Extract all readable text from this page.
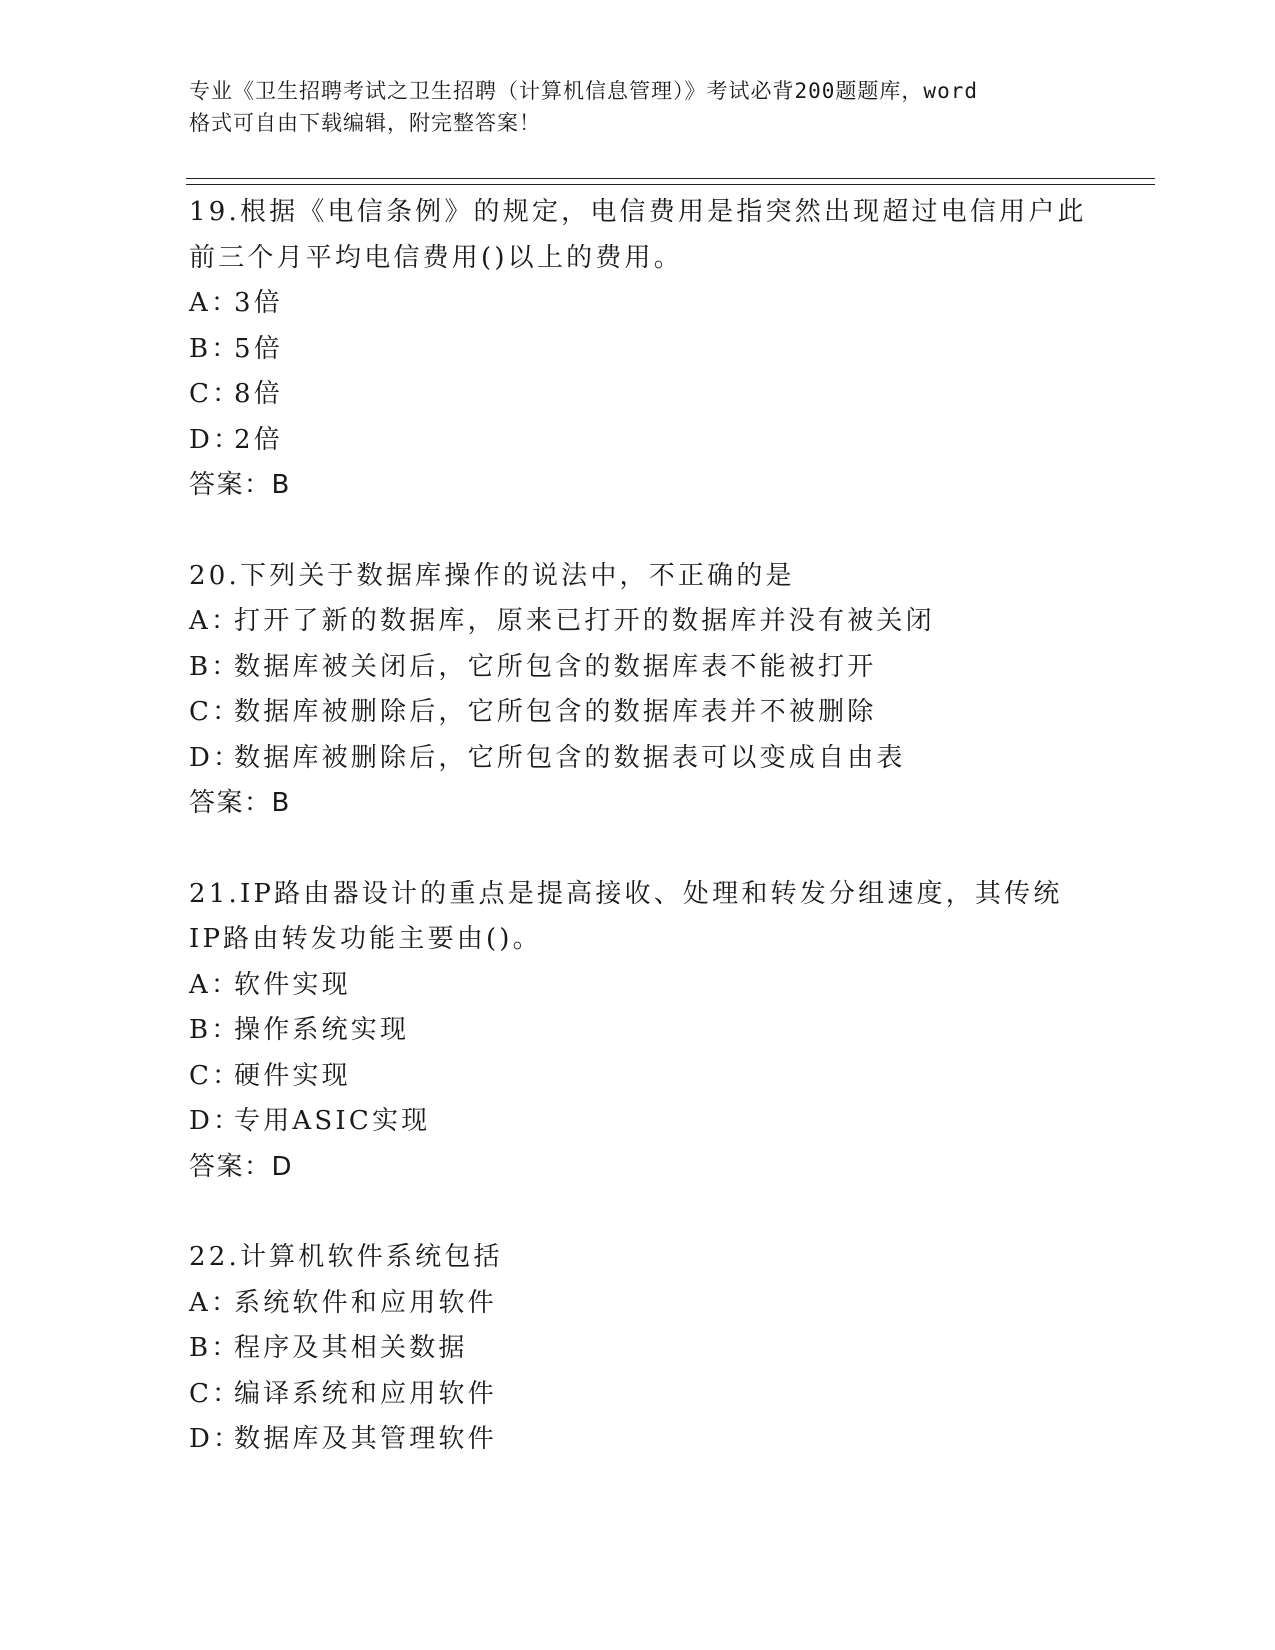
专业《卫生招聘考试之卫生招聘（计算机信息管理）》考试必背200题题库，word
格式可自由下载编辑，附完整答案！
19.根据《电信条例》的规定，电信费用是指突然出现超过电信用户此
前三个月平均电信费用()以上的费用。
A：3倍
B：5倍
C：8倍
D：2倍
答案：B
20.下列关于数据库操作的说法中，不正确的是
A：打开了新的数据库，原来已打开的数据库并没有被关闭
B：数据库被关闭后，它所包含的数据库表不能被打开
C：数据库被删除后，它所包含的数据库表并不被删除
D：数据库被删除后，它所包含的数据表可以变成自由表
答案：B
21.IP路由器设计的重点是提高接收、处理和转发分组速度，其传统
IP路由转发功能主要由()。
A：软件实现
B：操作系统实现
C：硬件实现
D：专用ASIC实现
答案：D
22.计算机软件系统包括
A：系统软件和应用软件
B：程序及其相关数据
C：编译系统和应用软件
D：数据库及其管理软件
